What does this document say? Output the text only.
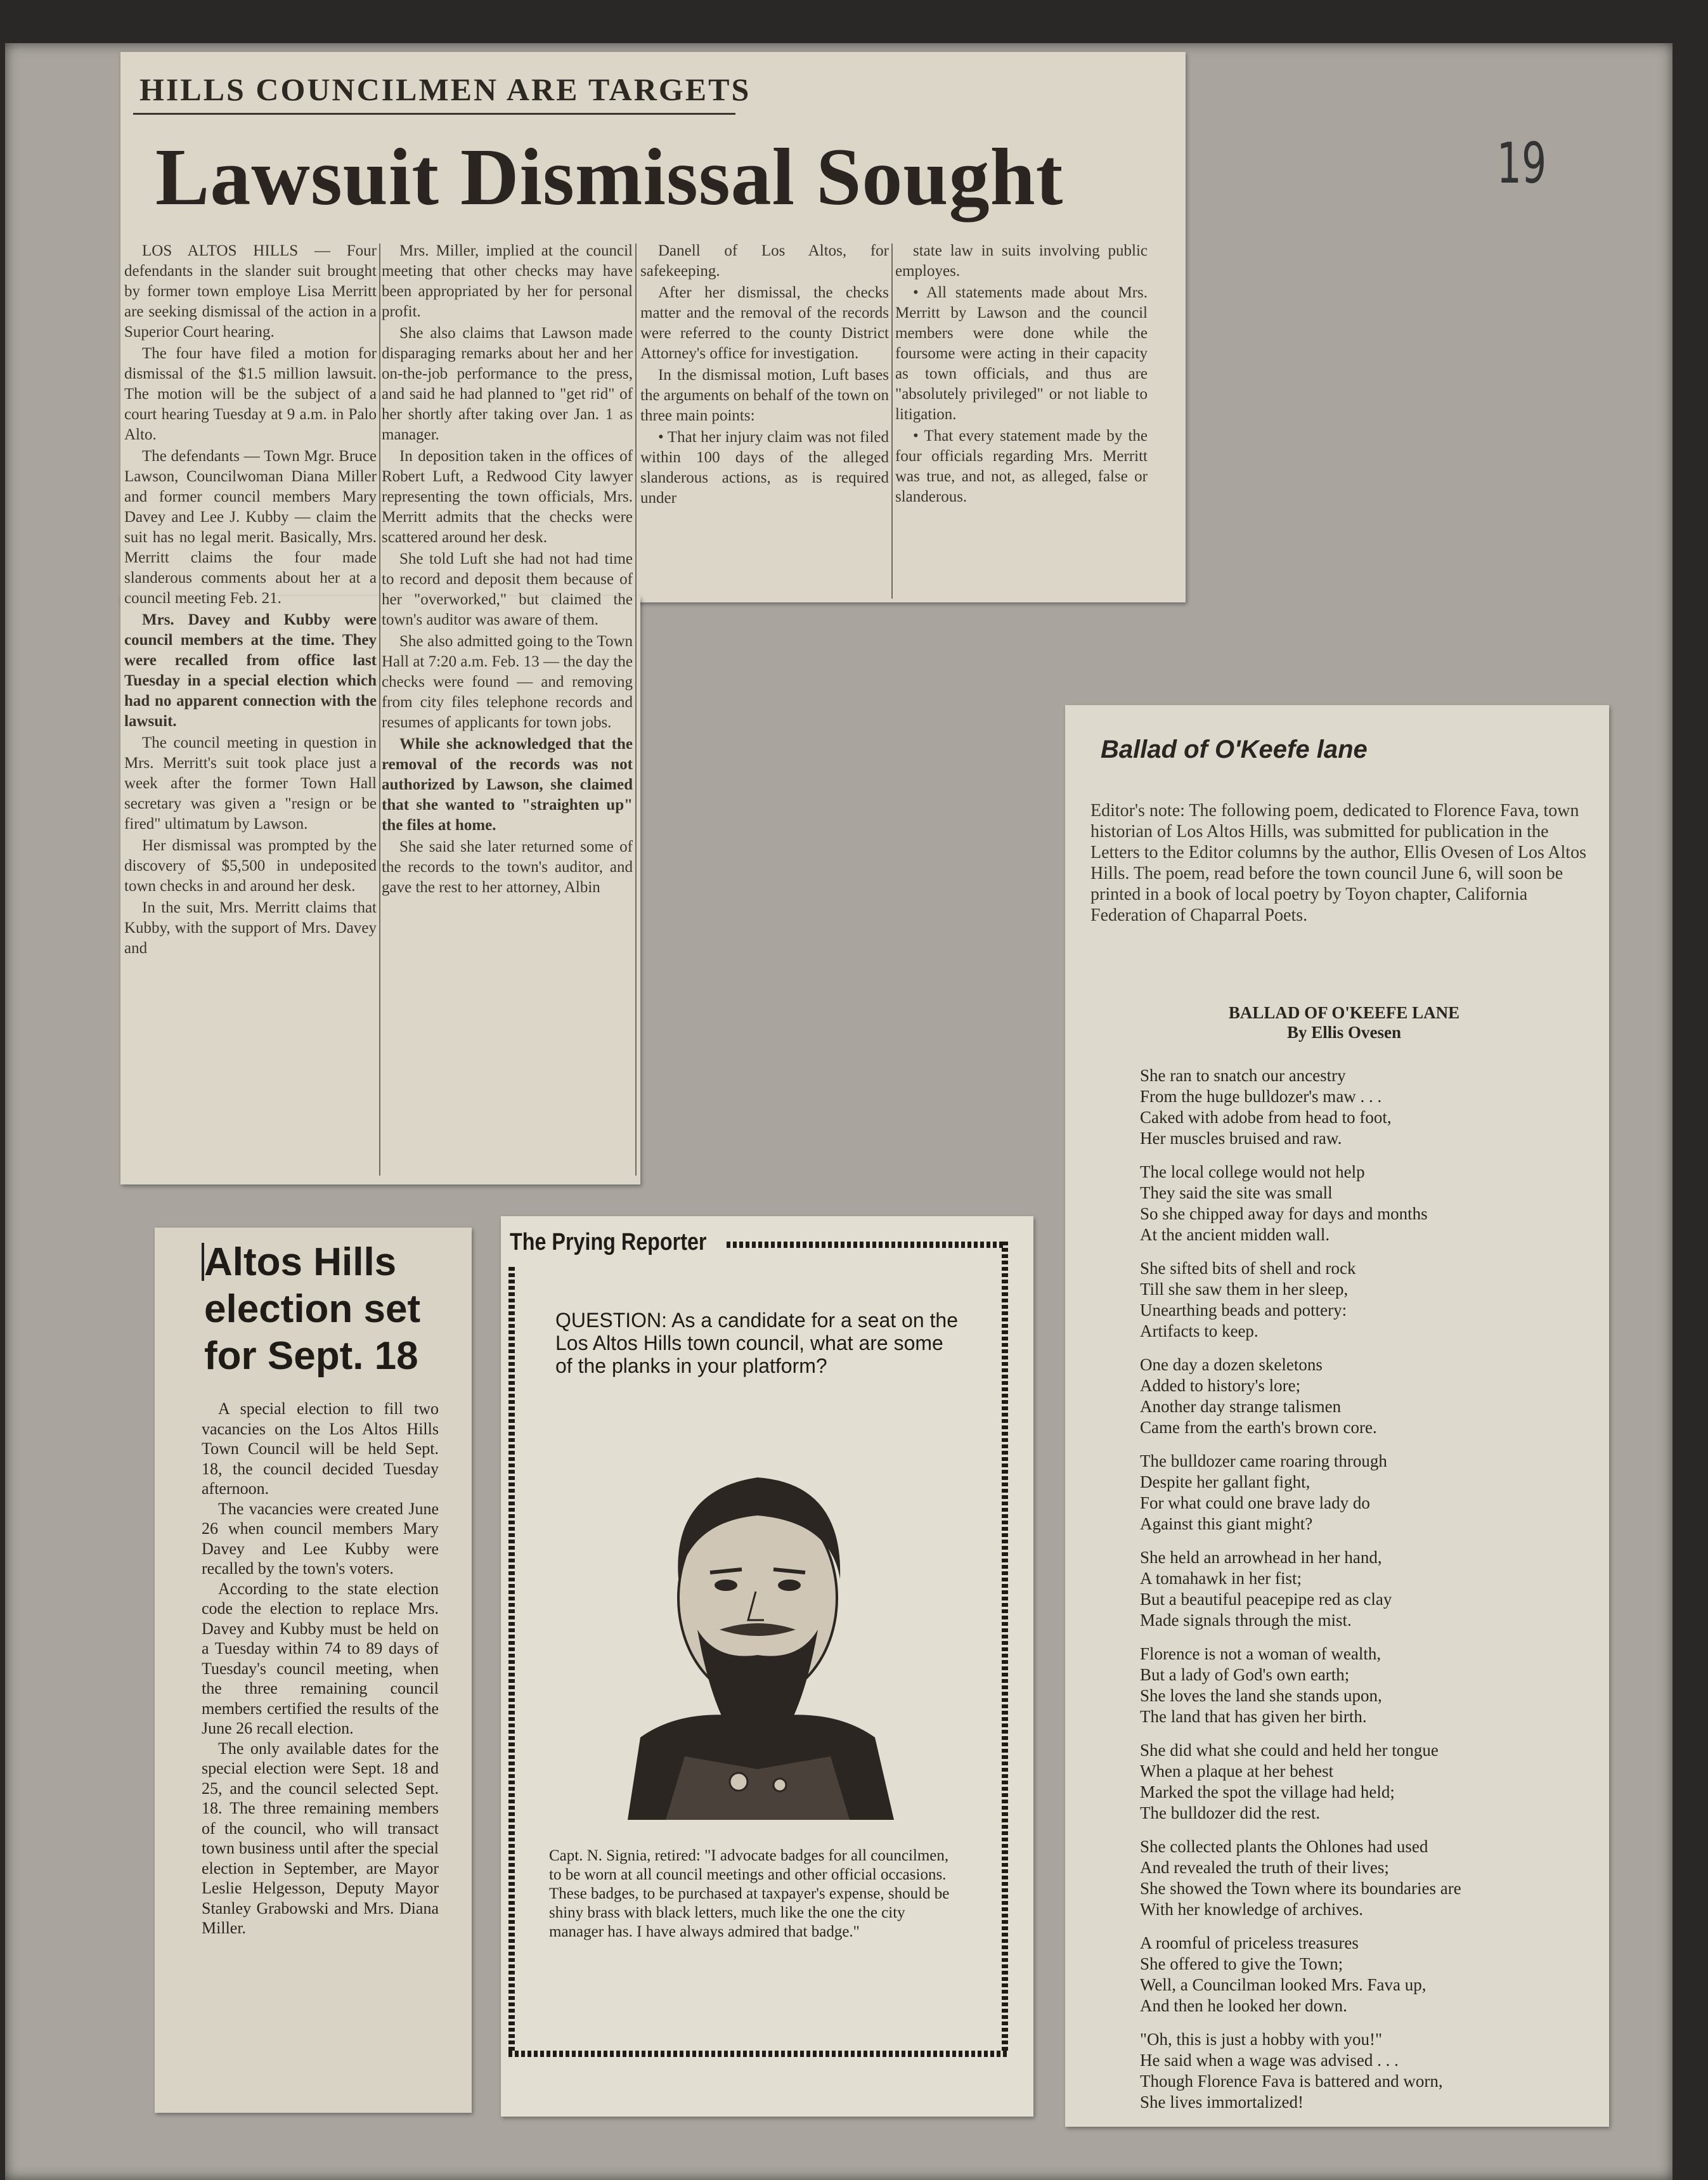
HILLS COUNCILMEN ARE TARGETS
Lawsuit Dismissal Sought	19

LOS ALTOS HILLS — Four defendants in the slander suit brought by former town employe Lisa Merritt are seeking dismissal of the action in a Superior Court hearing.

The four have filed a motion for dismissal of the $1.5 million lawsuit. The motion will be the subject of a court hearing Tuesday at 9 a.m. in Palo Alto.

The defendants — Town Mgr. Bruce Lawson, Councilwoman Diana Miller and former council members Mary Davey and Lee J. Kubby — claim the suit has no legal merit. Basically, Mrs. Merritt claims the four made slanderous comments about her at a council meeting Feb. 21.

Mrs. Davey and Kubby were council members at the time. They were recalled from office last Tuesday in a special election which had no apparent connection with the lawsuit.

The council meeting in question in Mrs. Merritt's suit took place just a week after the former Town Hall secretary was given a "resign or be fired" ultimatum by Lawson.

Her dismissal was prompted by the discovery of $5,500 in undeposited town checks in and around her desk.

In the suit, Mrs. Merritt claims that Kubby, with the support of Mrs. Davey and

Mrs. Miller, implied at the council meeting that other checks may have been appropriated by her for personal profit.

She also claims that Lawson made disparaging remarks about her and her on-the-job performance to the press, and said he had planned to "get rid" of her shortly after taking over Jan. 1 as manager.

In deposition taken in the offices of Robert Luft, a Redwood City lawyer representing the town officials, Mrs. Merritt admits that the checks were scattered around her desk.

She told Luft she had not had time to record and deposit them because of her "overworked," but claimed the town's auditor was aware of them.

She also admitted going to the Town Hall at 7:20 a.m. Feb. 13 — the day the checks were found — and removing from city files telephone records and resumes of applicants for town jobs.

While she acknowledged that the removal of the records was not authorized by Lawson, she claimed that she wanted to "straighten up" the files at home.

She said she later returned some of the records to the town's auditor, and gave the rest to her attorney, Albin

Danell of Los Altos, for safekeeping.

After her dismissal, the checks matter and the removal of the records were referred to the county District Attorney's office for investigation.

In the dismissal motion, Luft bases the arguments on behalf of the town on three main points:

• That her injury claim was not filed within 100 days of the alleged slanderous actions, as is required under

state law in suits involving public employes.

• All statements made about Mrs. Merritt by Lawson and the council members were done while the foursome were acting in their capacity as town officials, and thus are "absolutely privileged" or not liable to litigation.

• That every statement made by the four officials regarding Mrs. Merritt was true, and not, as alleged, false or slanderous.

Ballad of O'Keefe lane
Editor's note: The following poem, dedicated to Florence Fava, town historian of Los Altos Hills, was submitted for publication in the Letters to the Editor columns by the author, Ellis Ovesen of Los Altos Hills. The poem, read before the town council June 6, will soon be printed in a book of local poetry by Toyon chapter, California Federation of Chaparral Poets.
BALLAD OF O'KEEFE LANE
By Ellis Ovesen
She ran to snatch our ancestry
From the huge bulldozer's maw . . .
Caked with adobe from head to foot,
Her muscles bruised and raw.
The local college would not help
They said the site was small
So she chipped away for days and months
At the ancient midden wall.
She sifted bits of shell and rock
Till she saw them in her sleep,
Unearthing beads and pottery:
Artifacts to keep.
One day a dozen skeletons
Added to history's lore;
Another day strange talismen
Came from the earth's brown core.
The bulldozer came roaring through
Despite her gallant fight,
For what could one brave lady do
Against this giant might?
She held an arrowhead in her hand,
A tomahawk in her fist;
But a beautiful peacepipe red as clay
Made signals through the mist.
Florence is not a woman of wealth,
But a lady of God's own earth;
She loves the land she stands upon,
The land that has given her birth.
She did what she could and held her tongue
When a plaque at her behest
Marked the spot the village had held;
The bulldozer did the rest.
She collected plants the Ohlones had used
And revealed the truth of their lives;
She showed the Town where its boundaries are
With her knowledge of archives.
A roomful of priceless treasures
She offered to give the Town;
Well, a Councilman looked Mrs. Fava up,
And then he looked her down.
"Oh, this is just a hobby with you!"
He said when a wage was advised . . .
Though Florence Fava is battered and worn,
She lives immortalized!
Altos Hills
election set
for Sept. 18

A special election to fill two vacancies on the Los Altos Hills Town Council will be held Sept. 18, the council decided Tuesday afternoon.

The vacancies were created June 26 when council members Mary Davey and Lee Kubby were recalled by the town's voters.

According to the state election code the election to replace Mrs. Davey and Kubby must be held on a Tuesday within 74 to 89 days of Tuesday's council meeting, when the three remaining council members certified the results of the June 26 recall election.

The only available dates for the special election were Sept. 18 and 25, and the council selected Sept. 18. The three remaining members of the council, who will transact town business until after the special election in September, are Mayor Leslie Helgesson, Deputy Mayor Stanley Grabowski and Mrs. Diana Miller.

The Prying Reporter
QUESTION: As a candidate for a seat on the Los Altos Hills town council, what are some of the planks in your platform?
Capt. N. Signia, retired: "I advocate badges for all councilmen, to be worn at all council meetings and other official occasions. These badges, to be purchased at taxpayer's expense, should be shiny brass with black letters, much like the one the city manager has. I have always admired that badge."
